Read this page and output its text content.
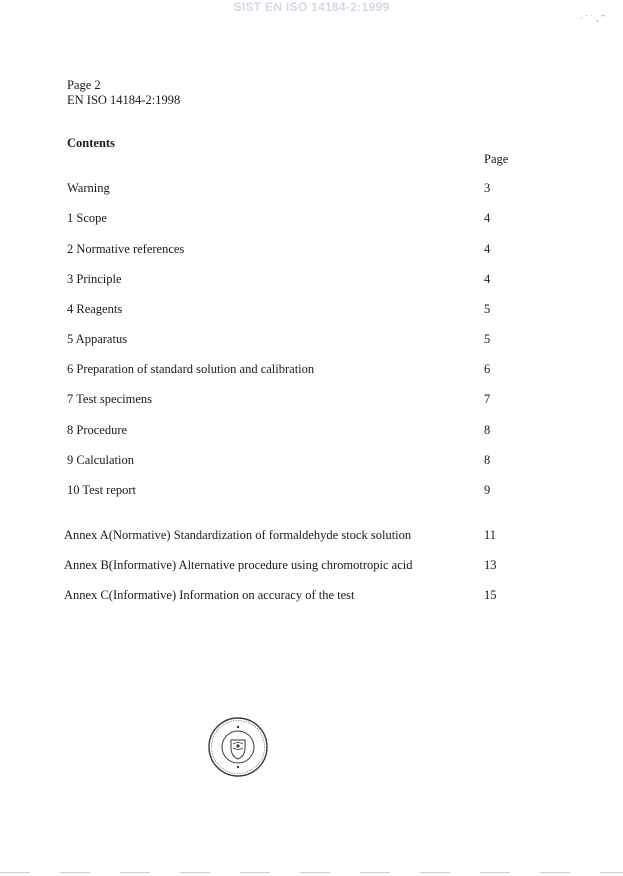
SIST EN ISO 14184-2:1999
· ′ ˙ , ′′
Page 2
EN ISO 14184-2:1998
Contents
Page
Warning	3
1 Scope	4
2 Normative references	4
3 Principle	4
4 Reagents	5
5 Apparatus	5
6 Preparation of standard solution and calibration	6
7 Test specimens	7
8 Procedure	8
9 Calculation	8
10 Test report	9
Annex A(Normative) Standardization of formaldehyde stock solution	11
Annex B(Informative) Alternative procedure using chromotropic acid	13
Annex C(Informative) Information on accuracy of the test	15
